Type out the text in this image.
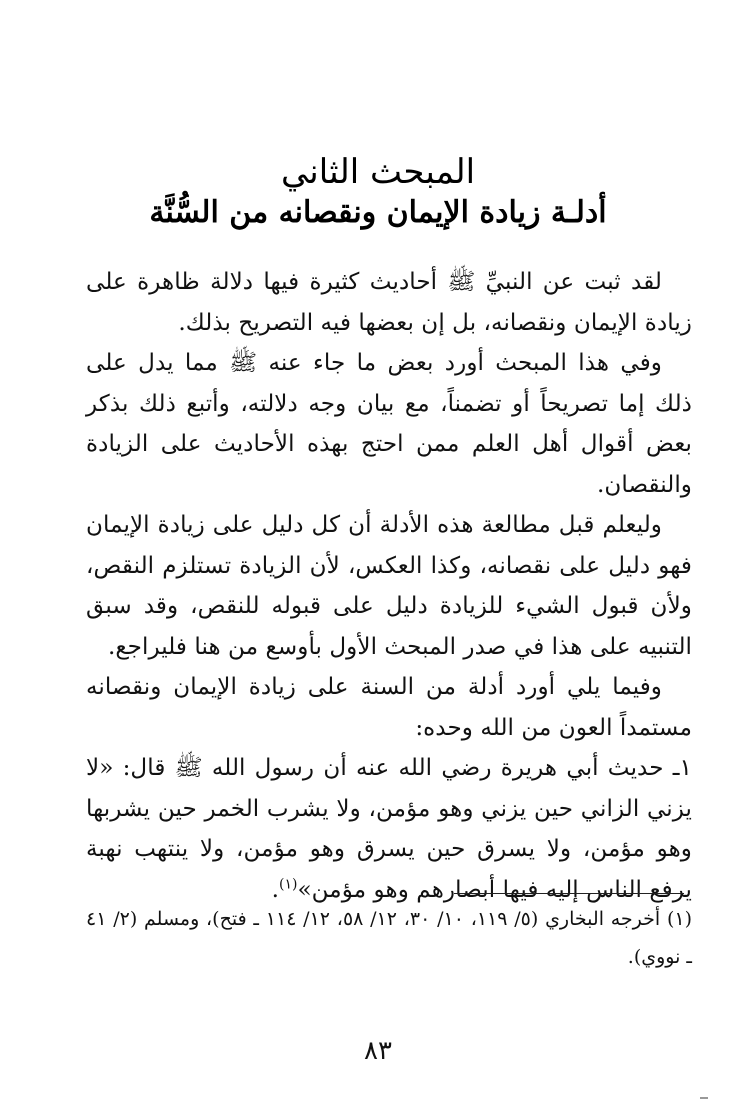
المبحث الثاني
أدلـة زيادة الإيمان ونقصانه من السُّنَّة

لقد ثبت عن النبيِّ ﷺ أحاديث كثيرة فيها دلالة ظاهرة على زيادة الإيمان ونقصانه، بل إن بعضها فيه التصريح بذلك.

وفي هذا المبحث أورد بعض ما جاء عنه ﷺ مما يدل على ذلك إما تصريحاً أو تضمناً، مع بيان وجه دلالته، وأتبع ذلك بذكر بعض أقوال أهل العلم ممن احتج بهذه الأحاديث على الزيادة والنقصان.

وليعلم قبل مطالعة هذه الأدلة أن كل دليل على زيادة الإيمان فهو دليل على نقصانه، وكذا العكس، لأن الزيادة تستلزم النقص، ولأن قبول الشيء للزيادة دليل على قبوله للنقص، وقد سبق التنبيه على هذا في صدر المبحث الأول بأوسع من هنا فليراجع.

وفيما يلي أورد أدلة من السنة على زيادة الإيمان ونقصانه مستمداً العون من الله وحده:

١ـ حديث أبي هريرة رضي الله عنه أن رسول الله ﷺ قال: «لا يزني الزاني حين يزني وهو مؤمن، ولا يشرب الخمر حين يشربها وهو مؤمن، ولا يسرق حين يسرق وهو مؤمن، ولا ينتهب نهبة يرفع الناس إليه فيها أبصارهم وهو مؤمن»$^{(١)}$.

(١) أخرجه البخاري (٥/ ١١٩، ١٠/ ٣٠، ١٢/ ٥٨، ١٢/ ١١٤ ـ فتح)، ومسلم (٢/ ٤١ ـ نووي).

٨٣
